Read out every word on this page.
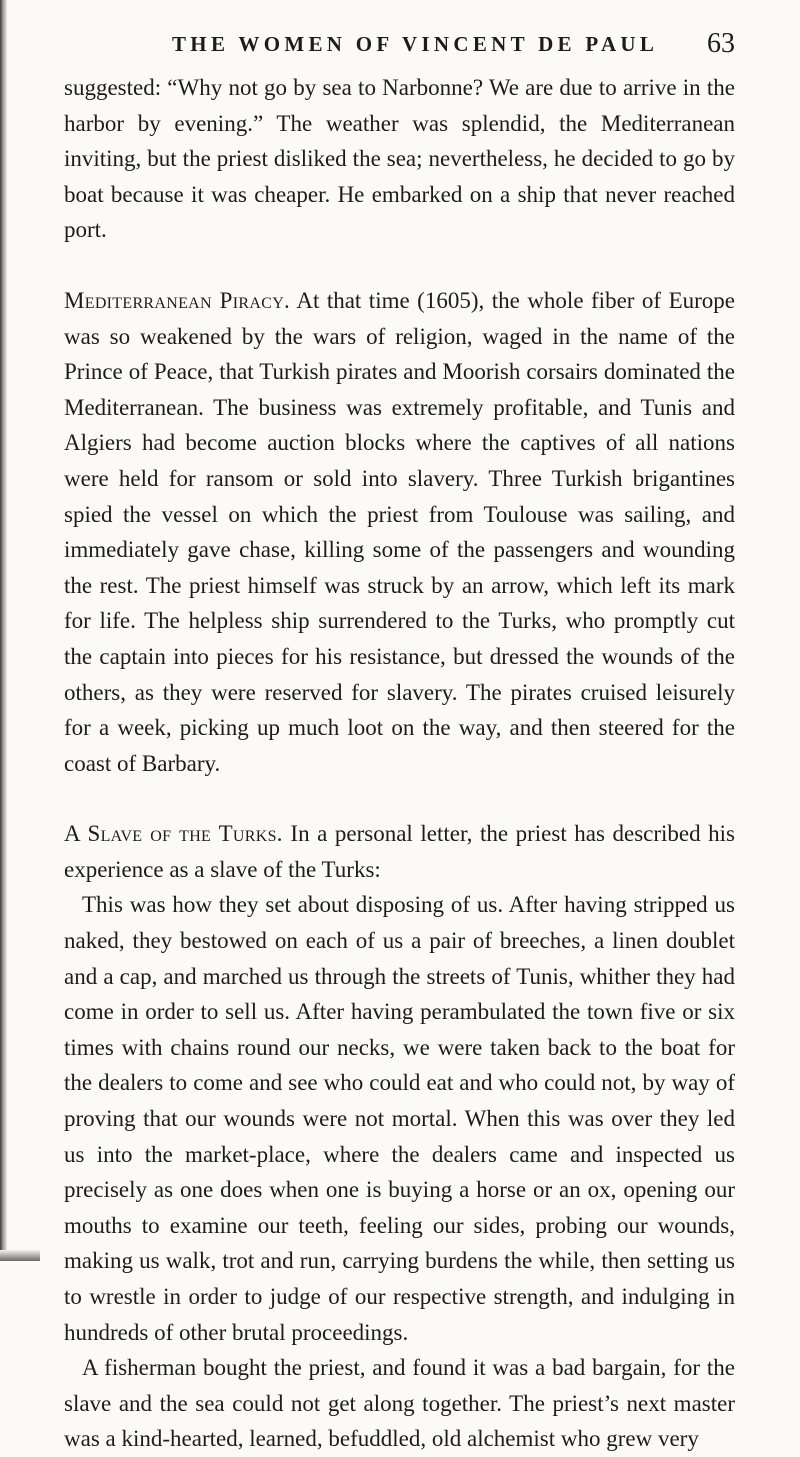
THE WOMEN OF VINCENT DE PAUL 63

suggested: “Why not go by sea to Narbonne? We are due to arrive in the harbor by evening.” The weather was splendid, the Mediterranean inviting, but the priest disliked the sea; nevertheless, he decided to go by boat because it was cheaper. He embarked on a ship that never reached port.

Mediterranean Piracy. At that time (1605), the whole fiber of Europe was so weakened by the wars of religion, waged in the name of the Prince of Peace, that Turkish pirates and Moorish corsairs dominated the Mediterranean. The business was extremely profitable, and Tunis and Algiers had become auction blocks where the captives of all nations were held for ransom or sold into slavery. Three Turkish brigantines spied the vessel on which the priest from Toulouse was sailing, and immediately gave chase, killing some of the passengers and wounding the rest. The priest himself was struck by an arrow, which left its mark for life. The helpless ship surrendered to the Turks, who promptly cut the captain into pieces for his resistance, but dressed the wounds of the others, as they were reserved for slavery. The pirates cruised leisurely for a week, picking up much loot on the way, and then steered for the coast of Barbary.

A Slave of the Turks. In a personal letter, the priest has described his experience as a slave of the Turks:

This was how they set about disposing of us. After having stripped us naked, they bestowed on each of us a pair of breeches, a linen doublet and a cap, and marched us through the streets of Tunis, whither they had come in order to sell us. After having perambulated the town five or six times with chains round our necks, we were taken back to the boat for the dealers to come and see who could eat and who could not, by way of proving that our wounds were not mortal. When this was over they led us into the market-place, where the dealers came and inspected us precisely as one does when one is buying a horse or an ox, opening our mouths to examine our teeth, feeling our sides, probing our wounds, making us walk, trot and run, carrying burdens the while, then setting us to wrestle in order to judge of our respective strength, and indulging in hundreds of other brutal proceedings.

A fisherman bought the priest, and found it was a bad bargain, for the slave and the sea could not get along together. The priest’s next master was a kind-hearted, learned, befuddled, old alchemist who grew very
